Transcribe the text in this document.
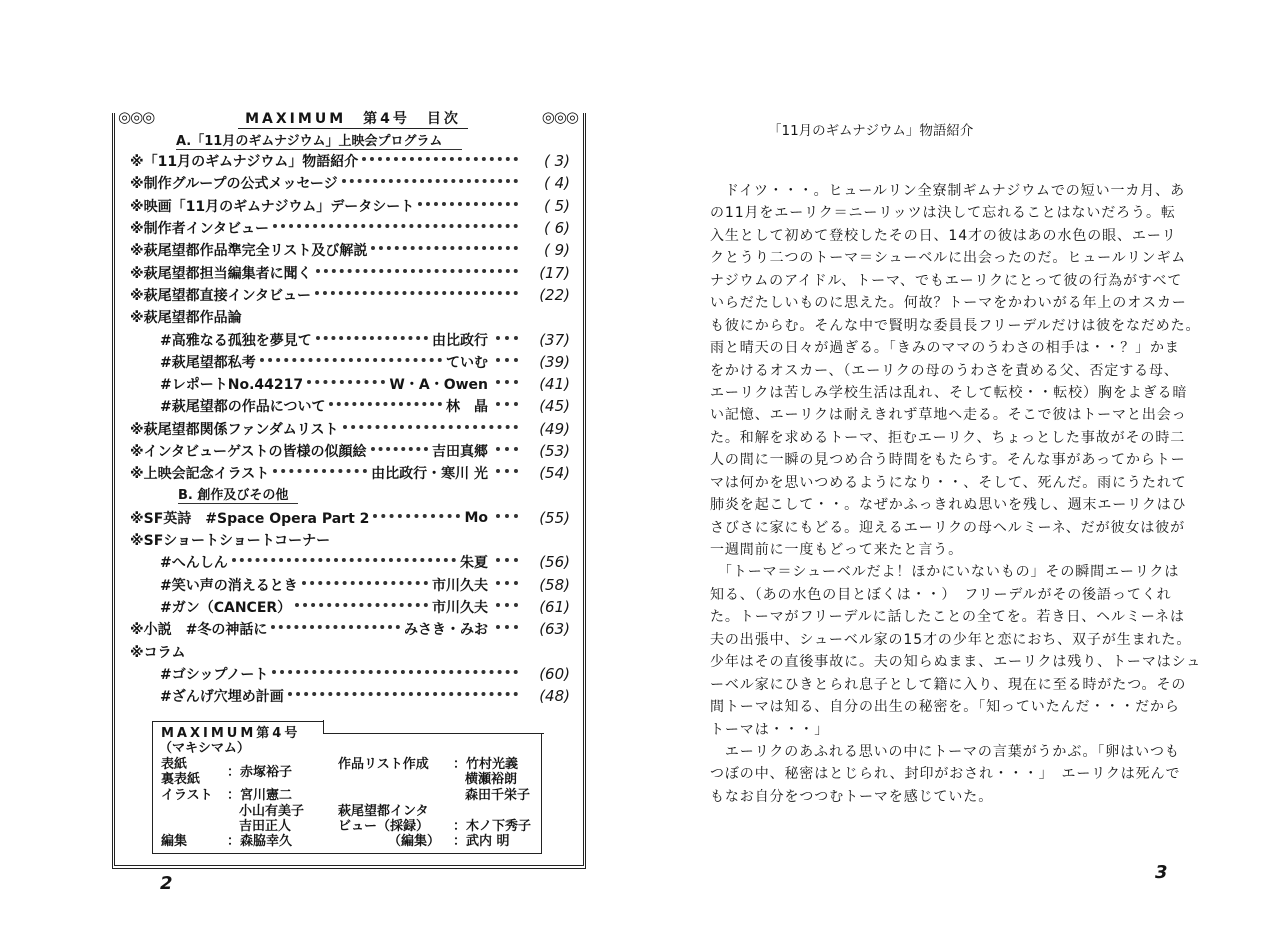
◎◎◎	MAXIMUM　第4号　目次	◎◎◎
A.「11月のギムナジウム」上映会プログラム
B. 創作及びその他
※「11月のギムナジウム」物語紹介	( 3)
※制作グループの公式メッセージ	( 4)
※映画「11月のギムナジウム」データシート	( 5)
※制作者インタビュー	( 6)
※萩尾望都作品準完全リスト及び解説	( 9)
※萩尾望都担当編集者に聞く	(17)
※萩尾望都直接インタビュー	(22)
※萩尾望都作品論
#高雅なる孤独を夢見て	由比政行	(37)
#萩尾望都私考	ていむ	(39)
#レポートNo.44217	W・A・Owen	(41)
#萩尾望都の作品について	林　晶	(45)
※萩尾望都関係ファンダムリスト	(49)
※インタビューゲストの皆様の似顔絵	吉田真郷	(53)
※上映会記念イラスト	由比政行・寒川 光	(54)
※SF英詩　#Space Opera Part 2	Mo	(55)
※SFショートショートコーナー
#へんしん	朱夏	(56)
#笑い声の消えるとき	市川久夫	(58)
#ガン（CANCER）	市川久夫	(61)
※小説　#冬の神話に	みさき・みお	(63)
※コラム
#ゴシップノート	(60)
#ざんげ穴埋め計画	(48)
MAXIMUM第4号
（マキシマム）
表紙
裏表紙 ：赤塚裕子
イラスト ：宮川憲二
小山有美子
吉田正人
編集	：森脇幸久
作品リスト作成 ：竹村光義
横瀬裕朗
森田千栄子
萩尾望都インタ
ビュー（採録） ：木ノ下秀子
（編集） ：武内 明
2
「11月のギムナジウム」物語紹介
　ドイツ・・・。ヒュールリン全寮制ギムナジウムでの短い一カ月、あ
の11月をエーリク＝ニーリッツは決して忘れることはないだろう。転
入生として初めて登校したその日、14才の彼はあの水色の眼、エーリ
クとうり二つのトーマ＝シューベルに出会ったのだ。ヒュールリンギム
ナジウムのアイドル、トーマ、でもエーリクにとって彼の行為がすべて
いらだたしいものに思えた。何故？トーマをかわいがる年上のオスカー
も彼にからむ。そんな中で賢明な委員長フリーデルだけは彼をなだめた。
雨と晴天の日々が過ぎる。「きみのママのうわさの相手は・・？」かま
をかけるオスカー、（エーリクの母のうわさを責める父、否定する母、
エーリクは苦しみ学校生活は乱れ、そして転校・・転校）胸をよぎる暗
い記憶、エーリクは耐えきれず草地へ走る。そこで彼はトーマと出会っ
た。和解を求めるトーマ、拒むエーリク、ちょっとした事故がその時二
人の間に一瞬の見つめ合う時間をもたらす。そんな事があってからトー
マは何かを思いつめるようになり・・、そして、死んだ。雨にうたれて
肺炎を起こして・・。なぜかふっきれぬ思いを残し、週末エーリクはひ
さびさに家にもどる。迎えるエーリクの母ヘルミーネ、だが彼女は彼が
一週間前に一度もどって来たと言う。
　「トーマ＝シューベルだよ！ほかにいないもの」その瞬間エーリクは
知る、（あの水色の目とぼくは・・）　フリーデルがその後語ってくれ
た。トーマがフリーデルに話したことの全てを。若き日、ヘルミーネは
夫の出張中、シューベル家の15才の少年と恋におち、双子が生まれた。
少年はその直後事故に。夫の知らぬまま、エーリクは残り、トーマはシュ
ーベル家にひきとられ息子として籍に入り、現在に至る時がたつ。その
間トーマは知る、自分の出生の秘密を。「知っていたんだ・・・だから
トーマは・・・」
　エーリクのあふれる思いの中にトーマの言葉がうかぶ。「卵はいつも
つぼの中、秘密はとじられ、封印がおされ・・・」　エーリクは死んで
もなお自分をつつむトーマを感じていた。
3
